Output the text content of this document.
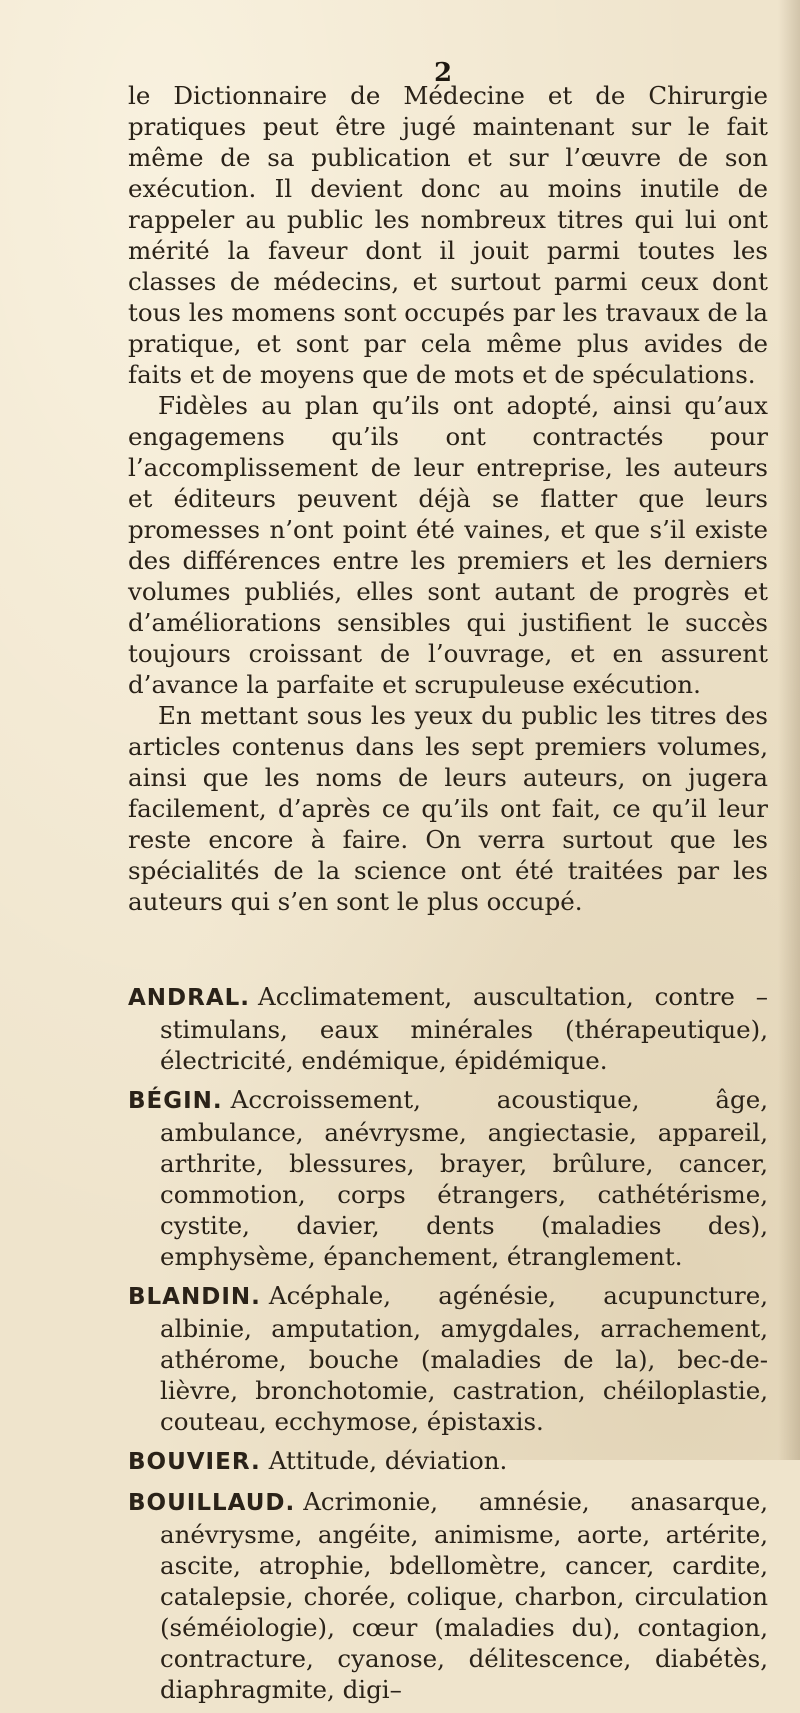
2

le Dictionnaire de Médecine et de Chirurgie pratiques peut être jugé maintenant sur le fait même de sa publication et sur l’œuvre de son exécution. Il devient donc au moins inutile de rappeler au public les nombreux titres qui lui ont mérité la faveur dont il jouit parmi toutes les classes de médecins, et surtout parmi ceux dont tous les momens sont occupés par les travaux de la pratique, et sont par cela même plus avides de faits et de moyens que de mots et de spéculations.

Fidèles au plan qu’ils ont adopté, ainsi qu’aux engagemens qu’ils ont contractés pour l’accomplissement de leur entreprise, les auteurs et éditeurs peuvent déjà se flatter que leurs promesses n’ont point été vaines, et que s’il existe des différences entre les premiers et les derniers volumes publiés, elles sont autant de progrès et d’améliorations sensibles qui justifient le succès toujours croissant de l’ouvrage, et en assurent d’avance la parfaite et scrupuleuse exécution.

En mettant sous les yeux du public les titres des articles contenus dans les sept premiers volumes, ainsi que les noms de leurs auteurs, on jugera facilement, d’après ce qu’ils ont fait, ce qu’il leur reste encore à faire. On verra surtout que les spécialités de la science ont été traitées par les auteurs qui s’en sont le plus occupé.

ANDRAL. Acclimatement, auscultation, contre – stimulans, eaux minérales (thérapeutique), électricité, endémique, épidémique.

BÉGIN. Accroissement, acoustique, âge, ambulance, anévrysme, angiectasie, appareil, arthrite, blessures, brayer, brûlure, cancer, commotion, corps étrangers, cathétérisme, cystite, davier, dents (maladies des), emphysème, épanchement, étranglement.

BLANDIN. Acéphale, agénésie, acupuncture, albinie, amputation, amygdales, arrachement, athérome, bouche (maladies de la), bec-de-lièvre, bronchotomie, castration, chéiloplastie, couteau, ecchymose, épistaxis.

BOUVIER. Attitude, déviation.

BOUILLAUD. Acrimonie, amnésie, anasarque, anévrysme, angéite, animisme, aorte, artérite, ascite, atrophie, bdellomètre, cancer, cardite, catalepsie, chorée, colique, charbon, circulation (séméiologie), cœur (maladies du), contagion, contracture, cyanose, délitescence, diabétès, diaphragmite, digi–
